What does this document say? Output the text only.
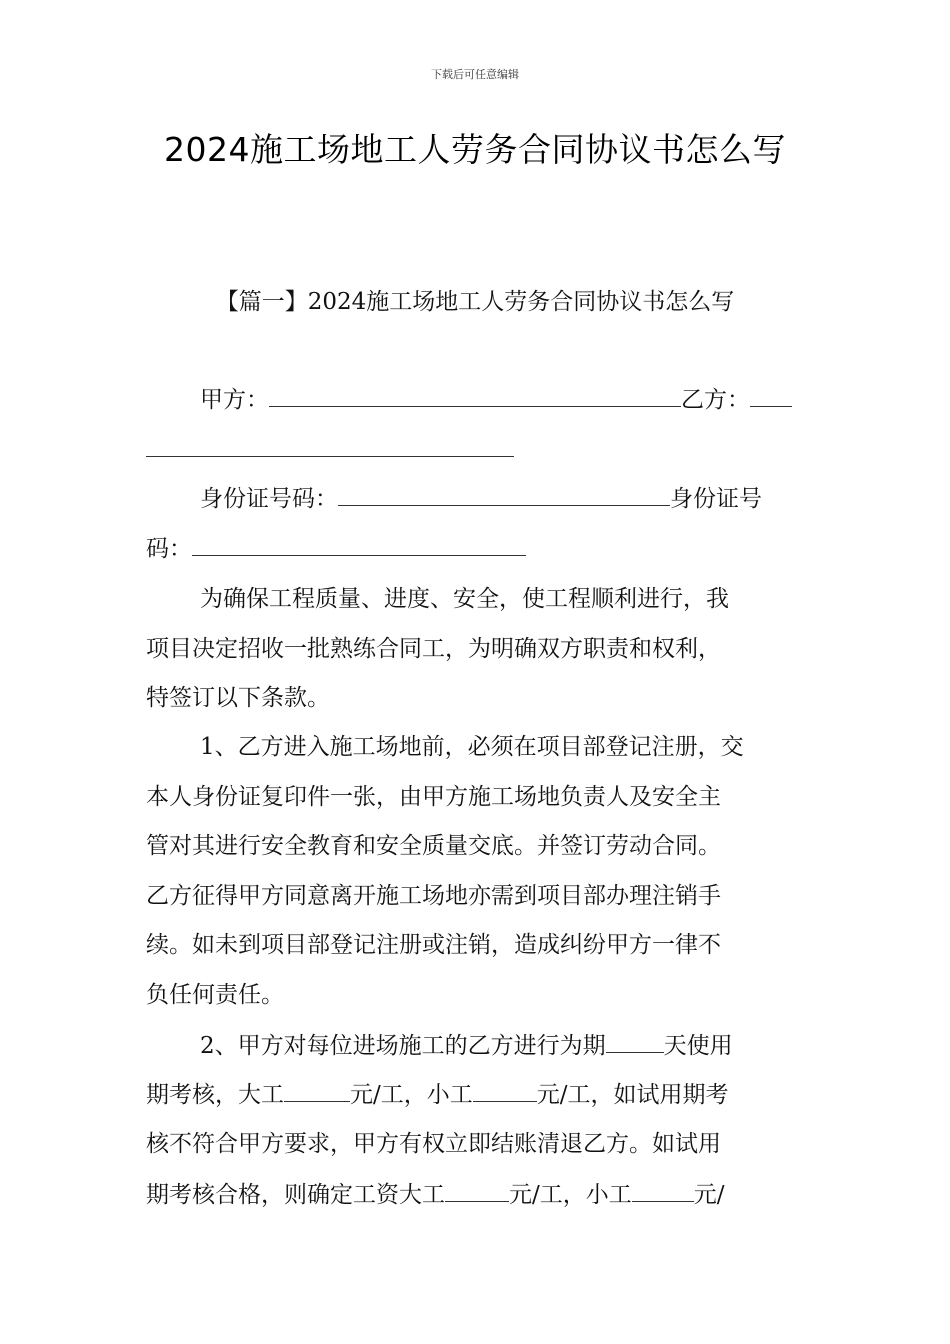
下载后可任意编辑
2024施工场地工人劳务合同协议书怎么写
【篇一】2024施工场地工人劳务合同协议书怎么写
甲方：	乙方：
身份证号码：	身份证号
码：
为确保工程质量、进度、安全，使工程顺利进行，我
项目决定招收一批熟练合同工，为明确双方职责和权利，
特签订以下条款。
1、乙方进入施工场地前，必须在项目部登记注册，交
本人身份证复印件一张，由甲方施工场地负责人及安全主
管对其进行安全教育和安全质量交底。并签订劳动合同。
乙方征得甲方同意离开施工场地亦需到项目部办理注销手
续。如未到项目部登记注册或注销，造成纠纷甲方一律不
负任何责任。
2、甲方对每位进场施工的乙方进行为期	天使用
期考核，大工	元/工，小工	元/工，如试用期考
核不符合甲方要求，甲方有权立即结账清退乙方。如试用
期考核合格，则确定工资大工	元/工，小工	元/
